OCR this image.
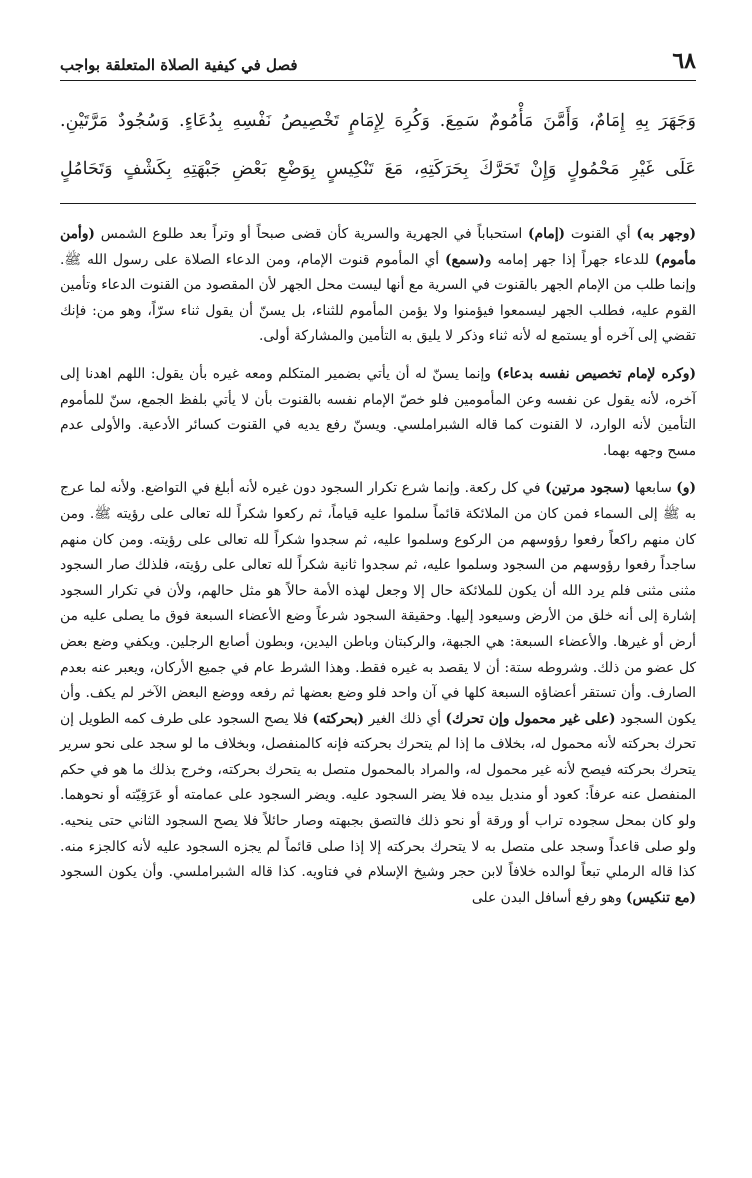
٦٨
فصل في كيفية الصلاة المتعلقة بواجب
وَجَهَرَ بِهِ إِمَامٌ، وَأَمَّنَ مَأْمُومٌ سَمِعَ. وَكُرِهَ لِإِمَامٍ تَخْصِيصُ نَفْسِهِ بِدُعَاءٍ. وَسُجُودٌ مَرَّتَيْنِ.
عَلَى غَيْرِ مَحْمُولٍ وَإِنْ تَحَرَّكَ بِحَرَكَتِهِ، مَعَ تَنْكِيسٍ بِوَضْعِ بَعْضِ جَبْهَتِهِ بِكَشْفٍ وَتَحَامُلٍ

(وجهر به) أي القنوت (إمام) استحباباً في الجهرية والسرية كأن قضى صبحاً أو وتراً بعد طلوع الشمس (وأمن مأموم) للدعاء جهراً إذا جهر إمامه و(سمع) أي المأموم قنوت الإمام، ومن الدعاء الصلاة على رسول الله ﷺ. وإنما طلب من الإمام الجهر بالقنوت في السرية مع أنها ليست محل الجهر لأن المقصود من القنوت الدعاء وتأمين القوم عليه، فطلب الجهر ليسمعوا فيؤمنوا ولا يؤمن المأموم للثناء، بل يسنّ أن يقول ثناء سرّاً، وهو من: فإنك تقضي إلى آخره أو يستمع له لأنه ثناء وذكر لا يليق به التأمين والمشاركة أولى.

(وكره لإمام تخصيص نفسه بدعاء) وإنما يسنّ له أن يأتي بضمير المتكلم ومعه غيره بأن يقول: اللهم اهدنا إلى آخره، لأنه يقول عن نفسه وعن المأمومين فلو خصّ الإمام نفسه بالقنوت بأن لا يأتي بلفظ الجمع، سنّ للمأموم التأمين لأنه الوارد، لا القنوت كما قاله الشبراملسي. ويسنّ رفع يديه في القنوت كسائر الأدعية. والأولى عدم مسح وجهه بهما.

(و) سابعها (سجود مرتين) في كل ركعة. وإنما شرع تكرار السجود دون غيره لأنه أبلغ في التواضع. ولأنه لما عرج به ﷺ إلى السماء فمن كان من الملائكة قائماً سلموا عليه قياماً، ثم ركعوا شكراً لله تعالى على رؤيته ﷺ. ومن كان منهم راكعاً رفعوا رؤوسهم من الركوع وسلموا عليه، ثم سجدوا شكراً لله تعالى على رؤيته. ومن كان منهم ساجداً رفعوا رؤوسهم من السجود وسلموا عليه، ثم سجدوا ثانية شكراً لله تعالى على رؤيته، فلذلك صار السجود مثنى مثنى فلم يرد الله أن يكون للملائكة حال إلا وجعل لهذه الأمة حالاً هو مثل حالهم، ولأن في تكرار السجود إشارة إلى أنه خلق من الأرض وسيعود إليها. وحقيقة السجود شرعاً وضع الأعضاء السبعة فوق ما يصلى عليه من أرض أو غيرها. والأعضاء السبعة: هي الجبهة، والركبتان وباطن اليدين، وبطون أصابع الرجلين. ويكفي وضع بعض كل عضو من ذلك. وشروطه ستة: أن لا يقصد به غيره فقط. وهذا الشرط عام في جميع الأركان، ويعبر عنه بعدم الصارف. وأن تستقر أعضاؤه السبعة كلها في آن واحد فلو وضع بعضها ثم رفعه ووضع البعض الآخر لم يكف. وأن يكون السجود (على غير محمول وإن تحرك) أي ذلك الغير (بحركته) فلا يصح السجود على طرف كمه الطويل إن تحرك بحركته لأنه محمول له، بخلاف ما إذا لم يتحرك بحركته فإنه كالمنفصل، وبخلاف ما لو سجد على نحو سرير يتحرك بحركته فيصح لأنه غير محمول له، والمراد بالمحمول متصل به يتحرك بحركته، وخرج بذلك ما هو في حكم المنفصل عنه عرفاً: كعود أو منديل بيده فلا يضر السجود عليه. ويضر السجود على عمامته أو عَرَقِيّته أو نحوهما. ولو كان بمحل سجوده تراب أو ورقة أو نحو ذلك فالتصق بجبهته وصار حائلاً فلا يصح السجود الثاني حتى ينحيه. ولو صلى قاعداً وسجد على متصل به لا يتحرك بحركته إلا إذا صلى قائماً لم يجزه السجود عليه لأنه كالجزء منه. كذا قاله الرملي تبعاً لوالده خلافاً لابن حجر وشيخ الإسلام في فتاويه. كذا قاله الشبراملسي. وأن يكون السجود (مع تنكيس) وهو رفع أسافل البدن على
